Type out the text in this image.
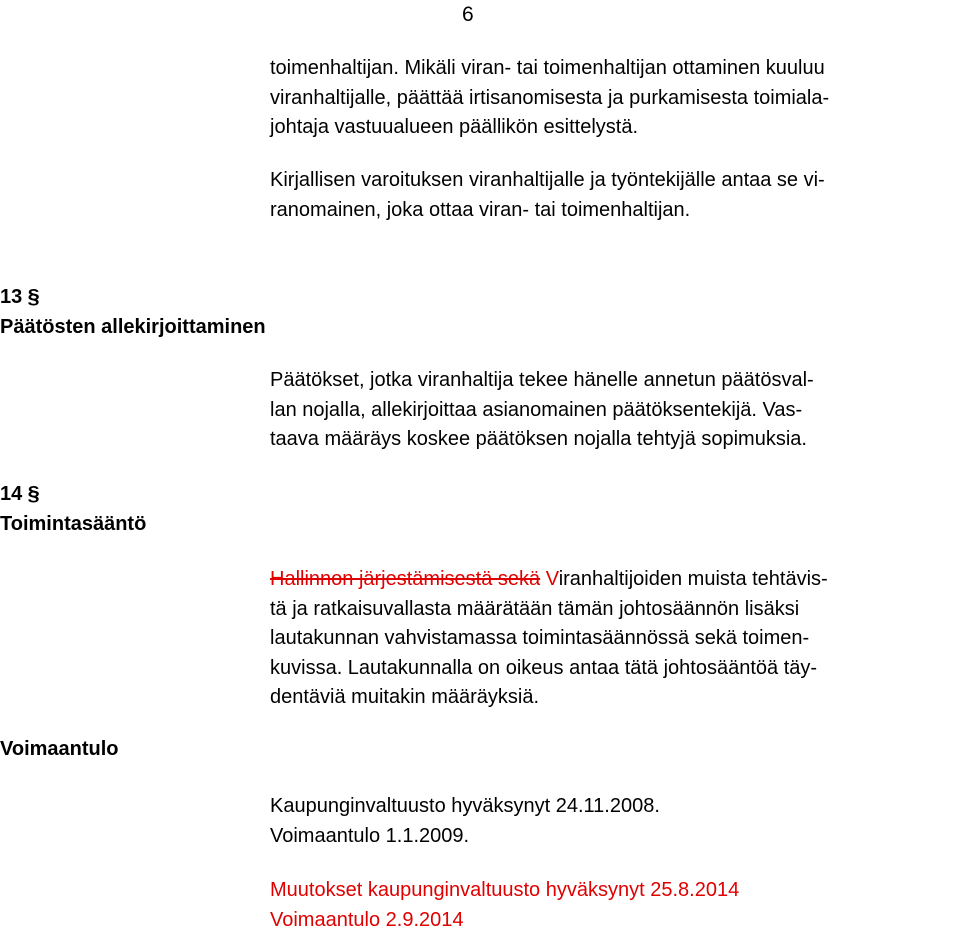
6

toimenhaltijan. Mikäli viran- tai toimenhaltijan ottaminen kuuluu
viranhaltijalle, päättää irtisanomisesta ja purkamisesta toimiala-
johtaja vastuualueen päällikön esittelystä.

Kirjallisen varoituksen viranhaltijalle ja työntekijälle antaa se vi-
ranomainen, joka ottaa viran- tai toimenhaltijan.

13 §
Päätösten allekirjoittaminen

Päätökset, jotka viranhaltija tekee hänelle annetun päätösval-
lan nojalla, allekirjoittaa asianomainen päätöksentekijä. Vas-
taava määräys koskee päätöksen nojalla tehtyjä sopimuksia.

14 §
Toimintasääntö

Hallinnon järjestämisestä sekä Viranhaltijoiden muista tehtävis-
tä ja ratkaisuvallasta määrätään tämän johtosäännön lisäksi
lautakunnan vahvistamassa toimintasäännössä sekä toimen-
kuvissa. Lautakunnalla on oikeus antaa tätä johtosääntöä täy-
dentäviä muitakin määräyksiä.

Voimaantulo

Kaupunginvaltuusto hyväksynyt 24.11.2008.
Voimaantulo 1.1.2009.

Muutokset kaupunginvaltuusto hyväksynyt 25.8.2014
Voimaantulo 2.9.2014
